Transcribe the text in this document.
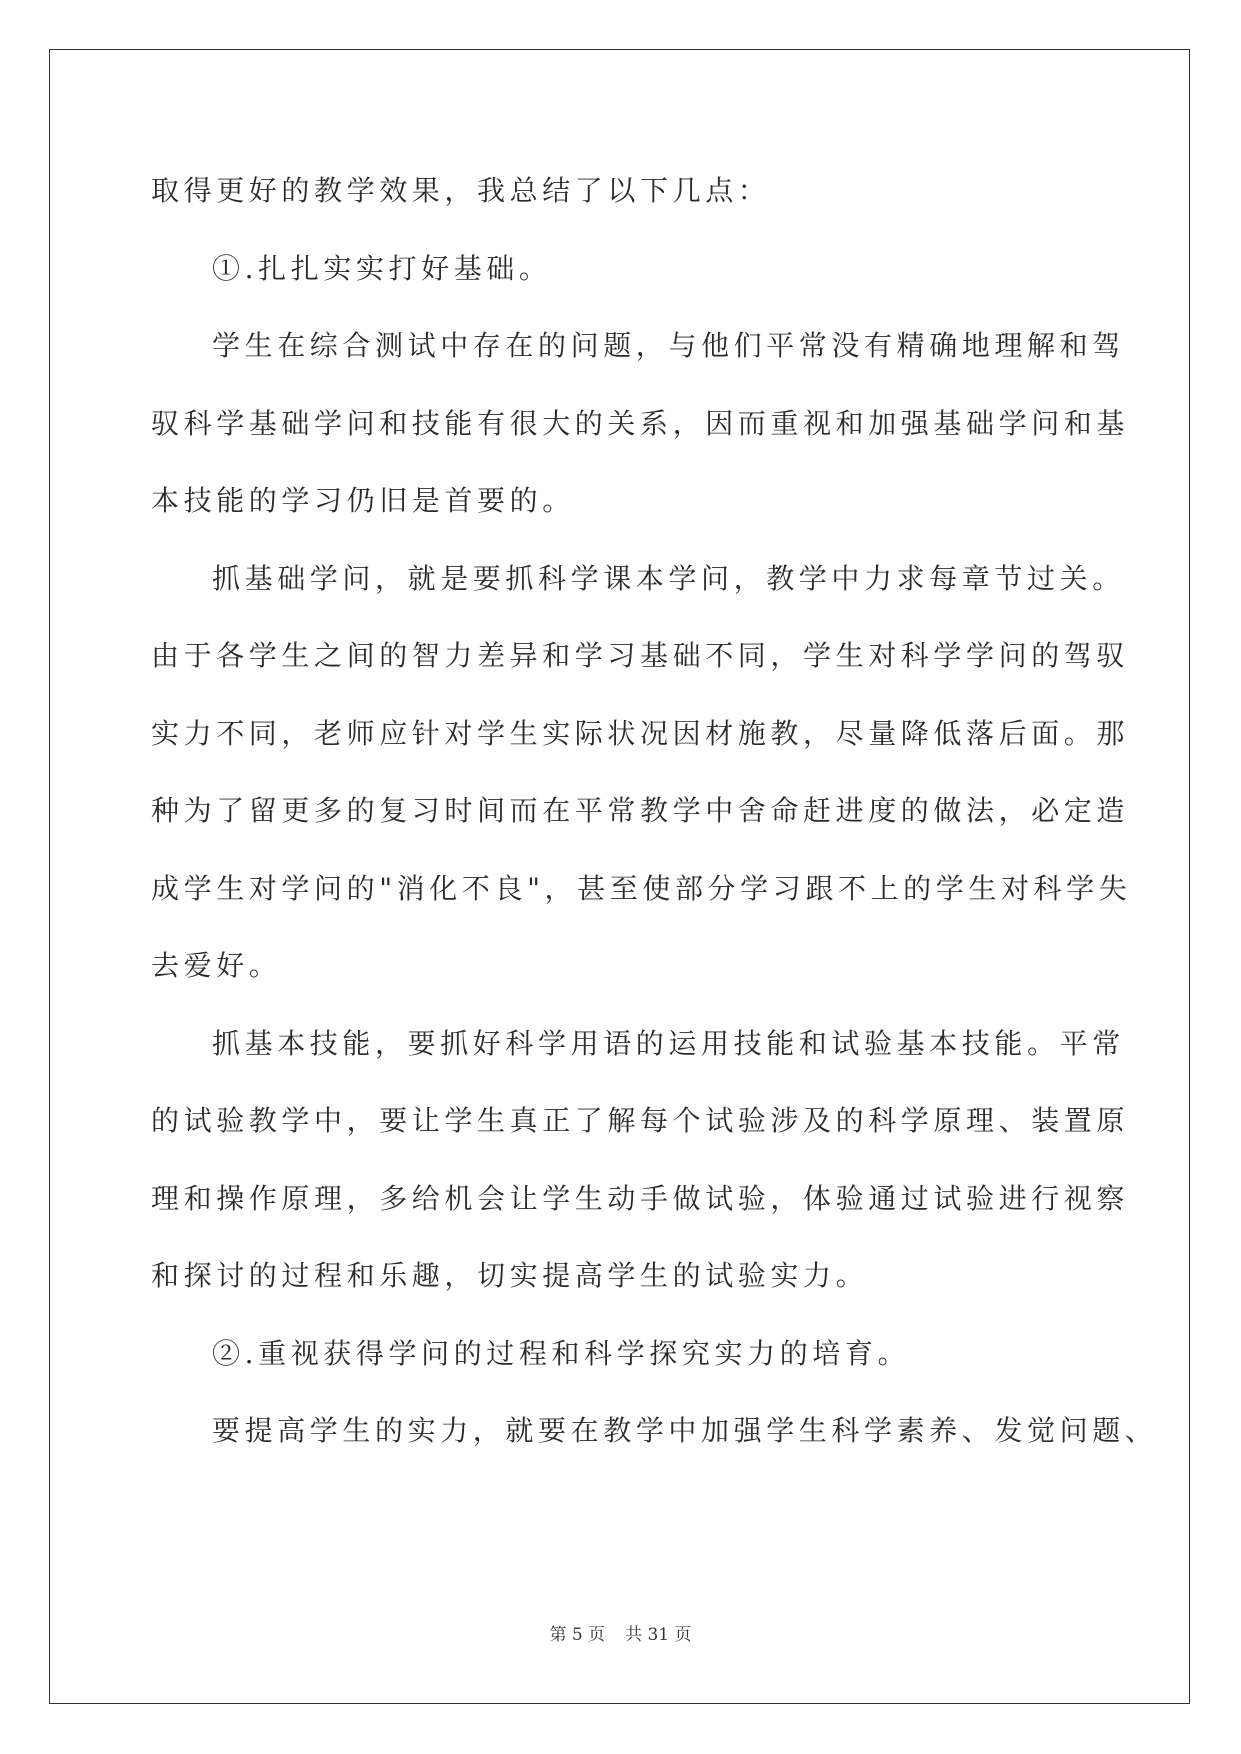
取得更好的教学效果，我总结了以下几点：
①.扎扎实实打好基础。
学生在综合测试中存在的问题，与他们平常没有精确地理解和驾
驭科学基础学问和技能有很大的关系，因而重视和加强基础学问和基
本技能的学习仍旧是首要的。
抓基础学问，就是要抓科学课本学问，教学中力求每章节过关。
由于各学生之间的智力差异和学习基础不同，学生对科学学问的驾驭
实力不同，老师应针对学生实际状况因材施教，尽量降低落后面。那
种为了留更多的复习时间而在平常教学中舍命赶进度的做法，必定造
成学生对学问的"消化不良"，甚至使部分学习跟不上的学生对科学失
去爱好。
抓基本技能，要抓好科学用语的运用技能和试验基本技能。平常
的试验教学中，要让学生真正了解每个试验涉及的科学原理、装置原
理和操作原理，多给机会让学生动手做试验，体验通过试验进行视察
和探讨的过程和乐趣，切实提高学生的试验实力。
②.重视获得学问的过程和科学探究实力的培育。
要提高学生的实力，就要在教学中加强学生科学素养、发觉问题、
第 5 页 共 31 页
